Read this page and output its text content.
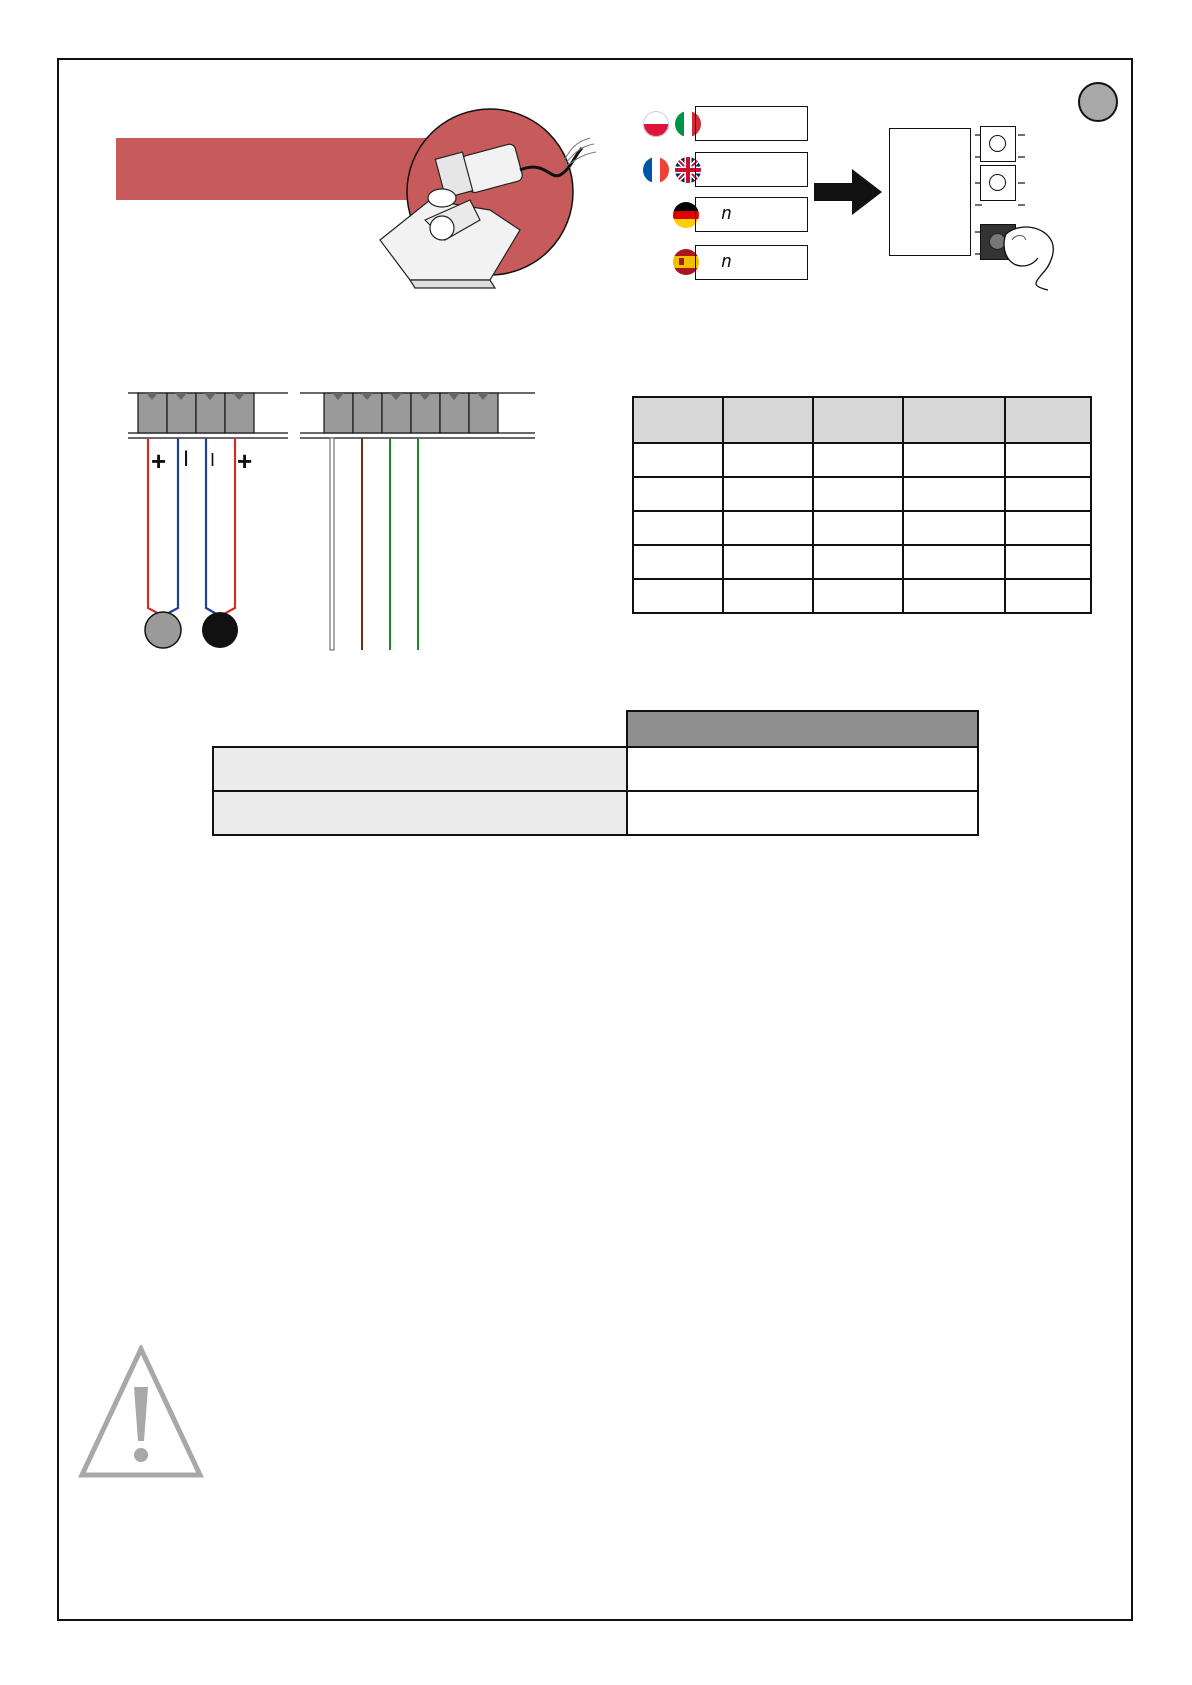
n
n
+ I I +
